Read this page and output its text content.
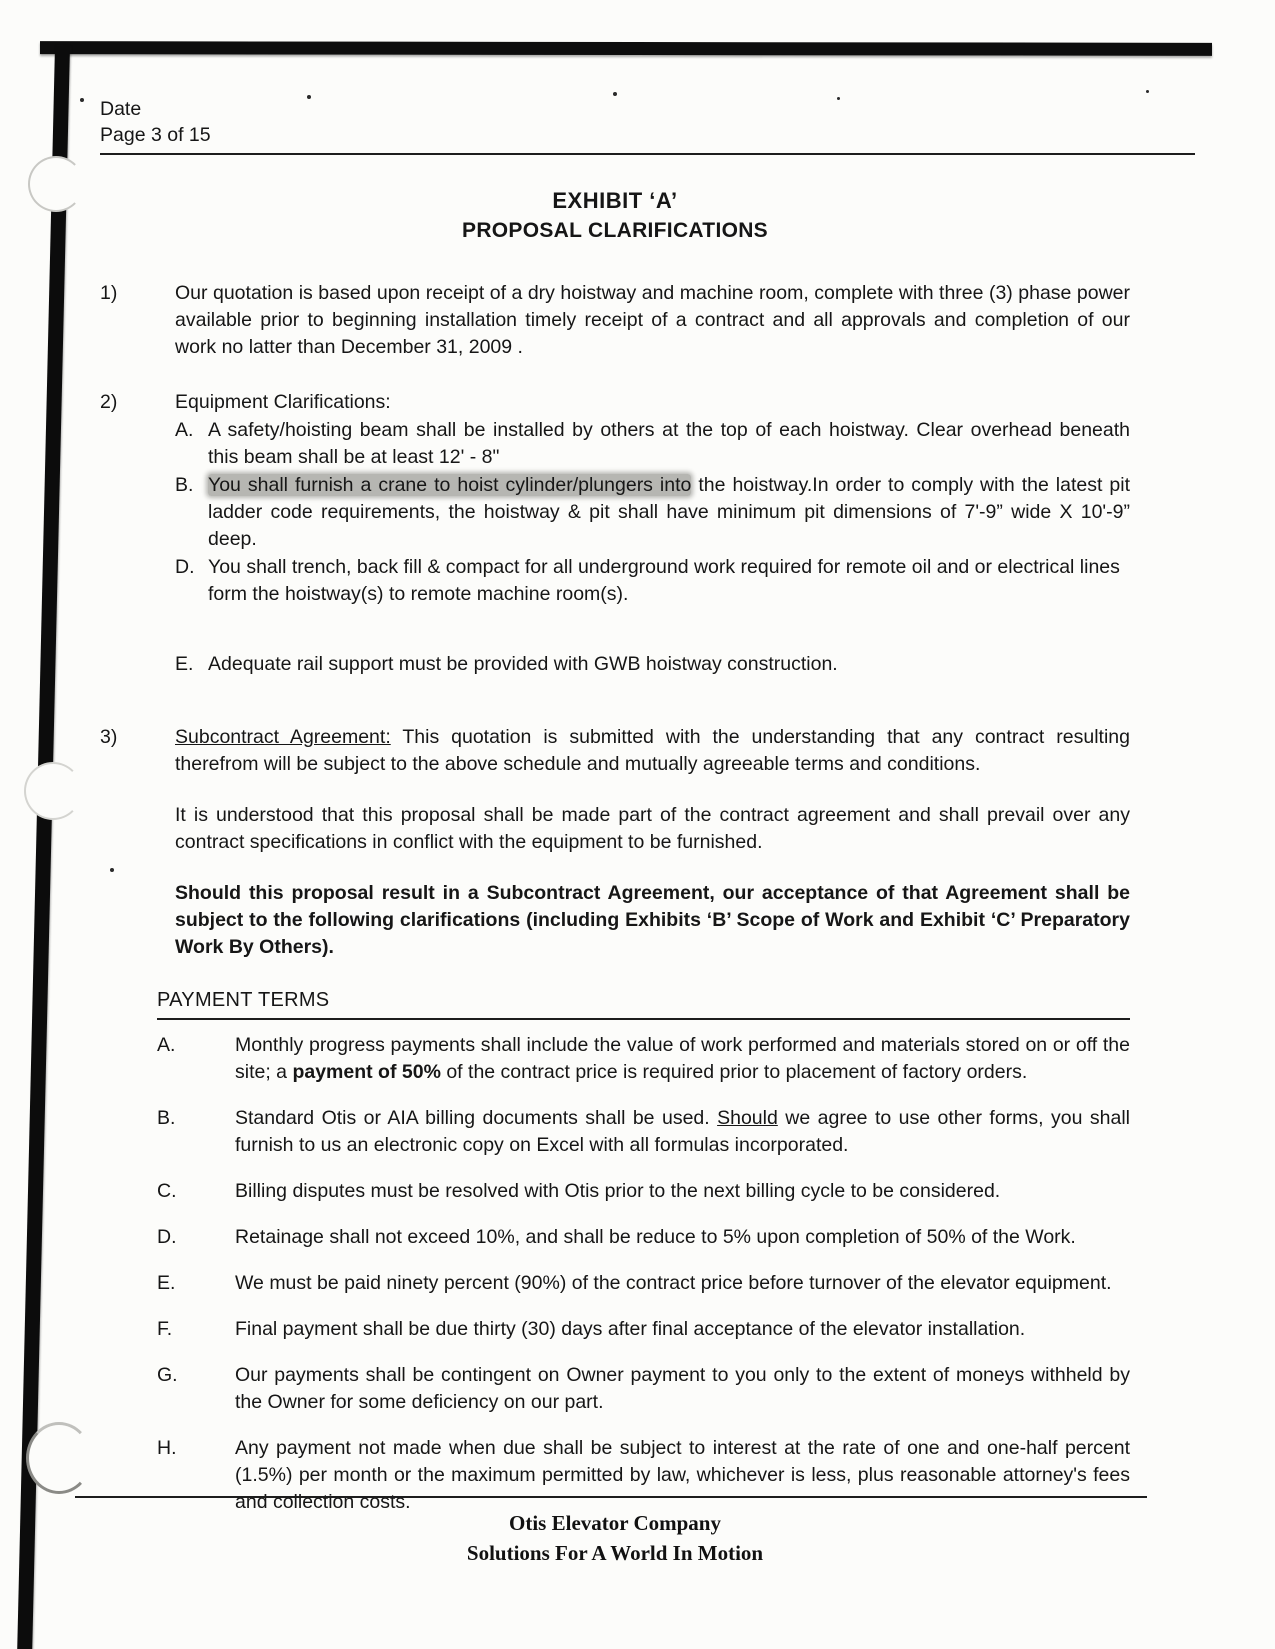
Date
Page 3 of 15
EXHIBIT ‘A’
PROPOSAL CLARIFICATIONS
1)	Our quotation is based upon receipt of a dry hoistway and machine room, complete with three (3) phase power available prior to beginning installation timely receipt of a contract and all approvals and completion of our work no latter than December 31, 2009 .
2)	Equipment Clarifications:
A. A safety/hoisting beam shall be installed by others at the top of each hoistway. Clear overhead beneath this beam shall be at least 12' - 8"
B. You shall furnish a crane to hoist cylinder/plungers into the hoistway.In order to comply with the latest pit ladder code requirements, the hoistway & pit shall have minimum pit dimensions of 7'-9” wide X 10'-9” deep.
D. You shall trench, back fill & compact for all underground work required for remote oil and or electrical lines form the hoistway(s) to remote machine room(s).
E. Adequate rail support must be provided with GWB hoistway construction.
3)	Subcontract Agreement: This quotation is submitted with the understanding that any contract resulting therefrom will be subject to the above schedule and mutually agreeable terms and conditions.
It is understood that this proposal shall be made part of the contract agreement and shall prevail over any contract specifications in conflict with the equipment to be furnished.
Should this proposal result in a Subcontract Agreement, our acceptance of that Agreement shall be subject to the following clarifications (including Exhibits ‘B’ Scope of Work and Exhibit ‘C’ Preparatory Work By Others).
PAYMENT TERMS
A.	Monthly progress payments shall include the value of work performed and materials stored on or off the site; a payment of 50% of the contract price is required prior to placement of factory orders.
B.	Standard Otis or AIA billing documents shall be used. Should we agree to use other forms, you shall furnish to us an electronic copy on Excel with all formulas incorporated.
C.	Billing disputes must be resolved with Otis prior to the next billing cycle to be considered.
D.	Retainage shall not exceed 10%, and shall be reduce to 5% upon completion of 50% of the Work.
E.	We must be paid ninety percent (90%) of the contract price before turnover of the elevator equipment.
F.	Final payment shall be due thirty (30) days after final acceptance of the elevator installation.
G.	Our payments shall be contingent on Owner payment to you only to the extent of moneys withheld by the Owner for some deficiency on our part.
H.	Any payment not made when due shall be subject to interest at the rate of one and one-half percent (1.5%) per month or the maximum permitted by law, whichever is less, plus reasonable attorney's fees and collection costs.
Otis Elevator Company
Solutions For A World In Motion
